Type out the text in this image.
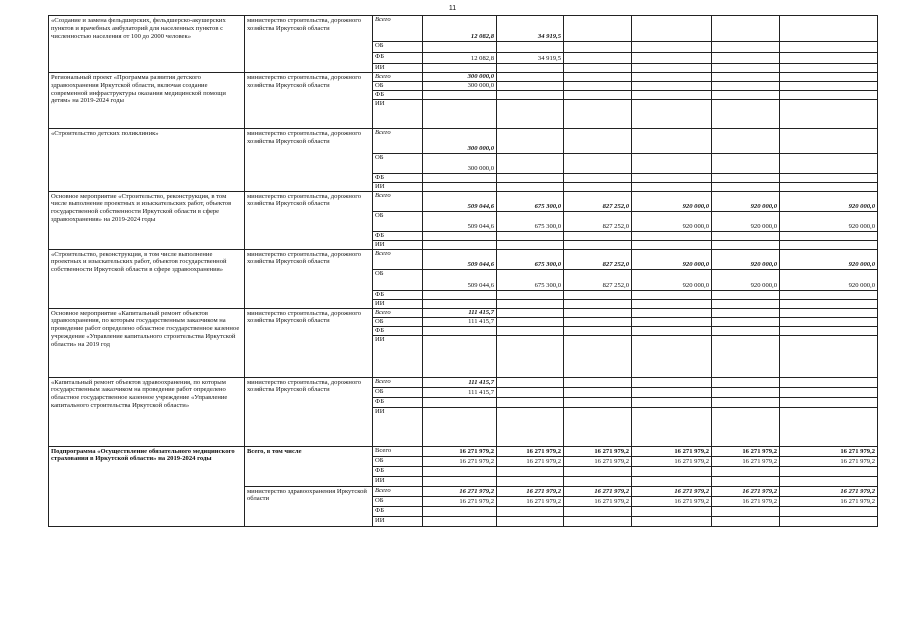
11
«Создание и замена фельдшерских, фельдшерско-акушерских пунктов и врачебных амбулаторий для населенных пунктов с численностью населения от 100 до 2000 человек»	министерство строительства, дорожного хозяйства Иркутской области	Всего	12 082,8	34 919,5				
		ОБ						
		ФБ	12 082,8	34 919,5				
		ИИ						
Региональный проект «Программа развития детского здравоохранения Иркутской области, включая создание современной инфраструктуры оказания медицинской помощи детям» на 2019-2024 годы	министерство строительства, дорожного хозяйства Иркутской области	Всего	300 000,0					
		ОБ	300 000,0					
		ФБ						
		ИИ						
«Строительство детских поликлиник»	министерство строительства, дорожного хозяйства Иркутской области	Всего	300 000,0					
		ОБ	300 000,0					
		ФБ						
		ИИ						
Основное мероприятие «Строительство, реконструкция, в том числе выполнение проектных и изыскательских работ, объектов государственной собственности Иркутской области в сфере здравоохранения» на 2019-2024 годы	министерство строительства, дорожного хозяйства Иркутской области	Всего	509 044,6	675 300,0	827 252,0	920 000,0	920 000,0	920 000,0
		ОБ	509 044,6	675 300,0	827 252,0	920 000,0	920 000,0	920 000,0
		ФБ						
		ИИ						
«Строительство, реконструкция, в том числе выполнение проектных и изыскательских работ, объектов государственной собственности Иркутской области в сфере здравоохранения»	министерство строительства, дорожного хозяйства Иркутской области	Всего	509 044,6	675 300,0	827 252,0	920 000,0	920 000,0	920 000,0
		ОБ	509 044,6	675 300,0	827 252,0	920 000,0	920 000,0	920 000,0
		ФБ						
		ИИ						
Основное мероприятие «Капитальный ремонт объектов здравоохранения, по которым государственным заказчиком на проведение работ определено областное государственное казенное учреждение «Управление капитального строительства Иркутской области» на 2019 год	министерство строительства, дорожного хозяйства Иркутской области	Всего	111 415,7					
		ОБ	111 415,7					
		ФБ						
		ИИ						
«Капитальный ремонт объектов здравоохранения, по которым государственным заказчиком на проведение работ определено областное государственное казенное учреждение «Управление капитального строительства Иркутской области»	министерство строительства, дорожного хозяйства Иркутской области	Всего	111 415,7					
		ОБ	111 415,7					
		ФБ						
		ИИ						
Подпрограмма «Осуществление обязательного медицинского страхования в Иркутской области» на 2019-2024 годы	Всего, в том числе	Всего	16 271 979,2	16 271 979,2	16 271 979,2	16 271 979,2	16 271 979,2	16 271 979,2
		ОБ	16 271 979,2	16 271 979,2	16 271 979,2	16 271 979,2	16 271 979,2	16 271 979,2
		ФБ						
		ИИ						
	министерство здравоохранения Иркутской области	Всего	16 271 979,2	16 271 979,2	16 271 979,2	16 271 979,2	16 271 979,2	16 271 979,2
		ОБ	16 271 979,2	16 271 979,2	16 271 979,2	16 271 979,2	16 271 979,2	16 271 979,2
		ФБ						
		ИИ						
